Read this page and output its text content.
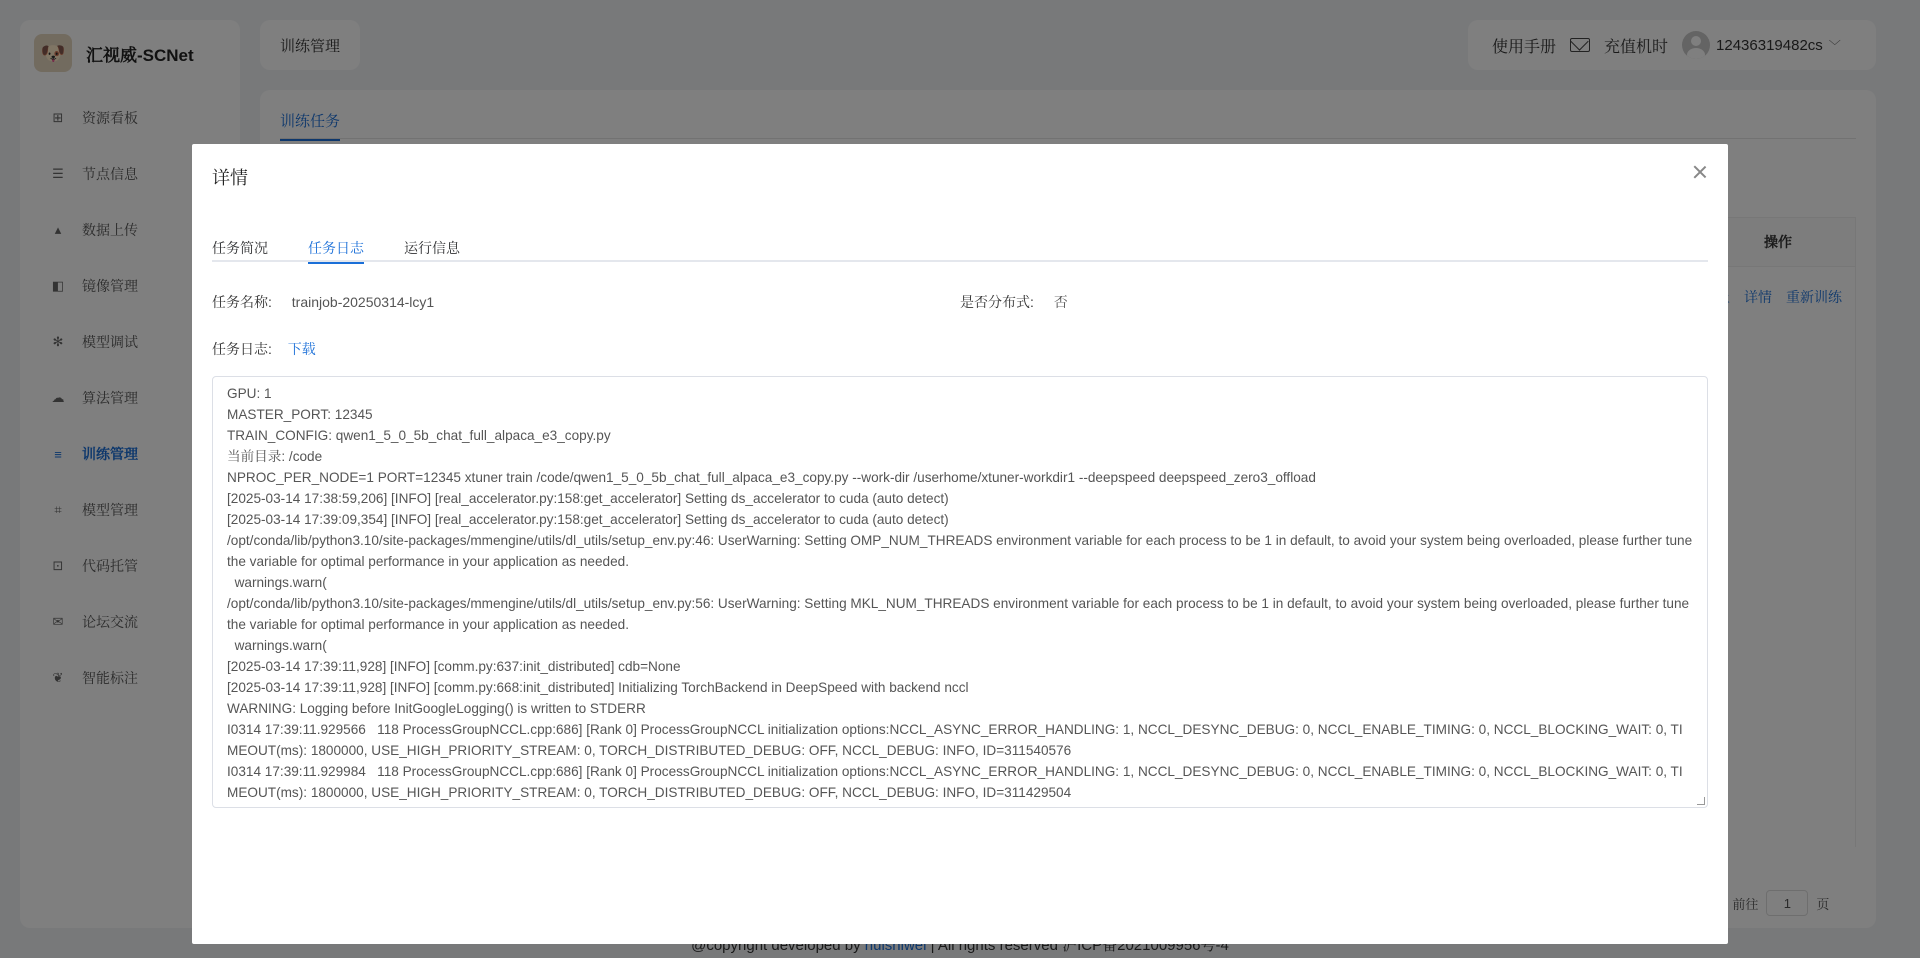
详情
任务简况	任务日志	运行信息
任务名称: trainjob-20250314-lcy1	是否分布式: 否
任务日志: 下载
GPU: 1
MASTER_PORT: 12345
TRAIN_CONFIG: qwen1_5_0_5b_chat_full_alpaca_e3_copy.py
当前目录: /code
NPROC_PER_NODE=1 PORT=12345 xtuner train /code/qwen1_5_0_5b_chat_full_alpaca_e3_copy.py --work-dir /userhome/xtuner-workdir1 --deepspeed deepspeed_zero3_offload
[2025-03-14 17:38:59,206] [INFO] [real_accelerator.py:158:get_accelerator] Setting ds_accelerator to cuda (auto detect)
[2025-03-14 17:39:09,354] [INFO] [real_accelerator.py:158:get_accelerator] Setting ds_accelerator to cuda (auto detect)
/opt/conda/lib/python3.10/site-packages/mmengine/utils/dl_utils/setup_env.py:46: UserWarning: Setting OMP_NUM_THREADS environment variable for each process to be 1 in default, to avoid your system being overloaded, please further tune the variable for optimal performance in your application as needed.
warnings.warn(
/opt/conda/lib/python3.10/site-packages/mmengine/utils/dl_utils/setup_env.py:56: UserWarning: Setting MKL_NUM_THREADS environment variable for each process to be 1 in default, to avoid your system being overloaded, please further tune the variable for optimal performance in your application as needed.
warnings.warn(
[2025-03-14 17:39:11,928] [INFO] [comm.py:637:init_distributed] cdb=None
[2025-03-14 17:39:11,928] [INFO] [comm.py:668:init_distributed] Initializing TorchBackend in DeepSpeed with backend nccl
WARNING: Logging before InitGoogleLogging() is written to STDERR
I0314 17:39:11.929566   118 ProcessGroupNCCL.cpp:686] [Rank 0] ProcessGroupNCCL initialization options:NCCL_ASYNC_ERROR_HANDLING: 1, NCCL_DESYNC_DEBUG: 0, NCCL_ENABLE_TIMING: 0, NCCL_BLOCKING_WAIT: 0, TIMEOUT(ms): 1800000, USE_HIGH_PRIORITY_STREAM: 0, TORCH_DISTRIBUTED_DEBUG: OFF, NCCL_DEBUG: INFO, ID=311540576
I0314 17:39:11.929984   118 ProcessGroupNCCL.cpp:686] [Rank 0] ProcessGroupNCCL initialization options:NCCL_ASYNC_ERROR_HANDLING: 1, NCCL_DESYNC_DEBUG: 0, NCCL_ENABLE_TIMING: 0, NCCL_BLOCKING_WAIT: 0, TIMEOUT(ms): 1800000, USE_HIGH_PRIORITY_STREAM: 0, TORCH_DISTRIBUTED_DEBUG: OFF, NCCL_DEBUG: INFO, ID=311429504
